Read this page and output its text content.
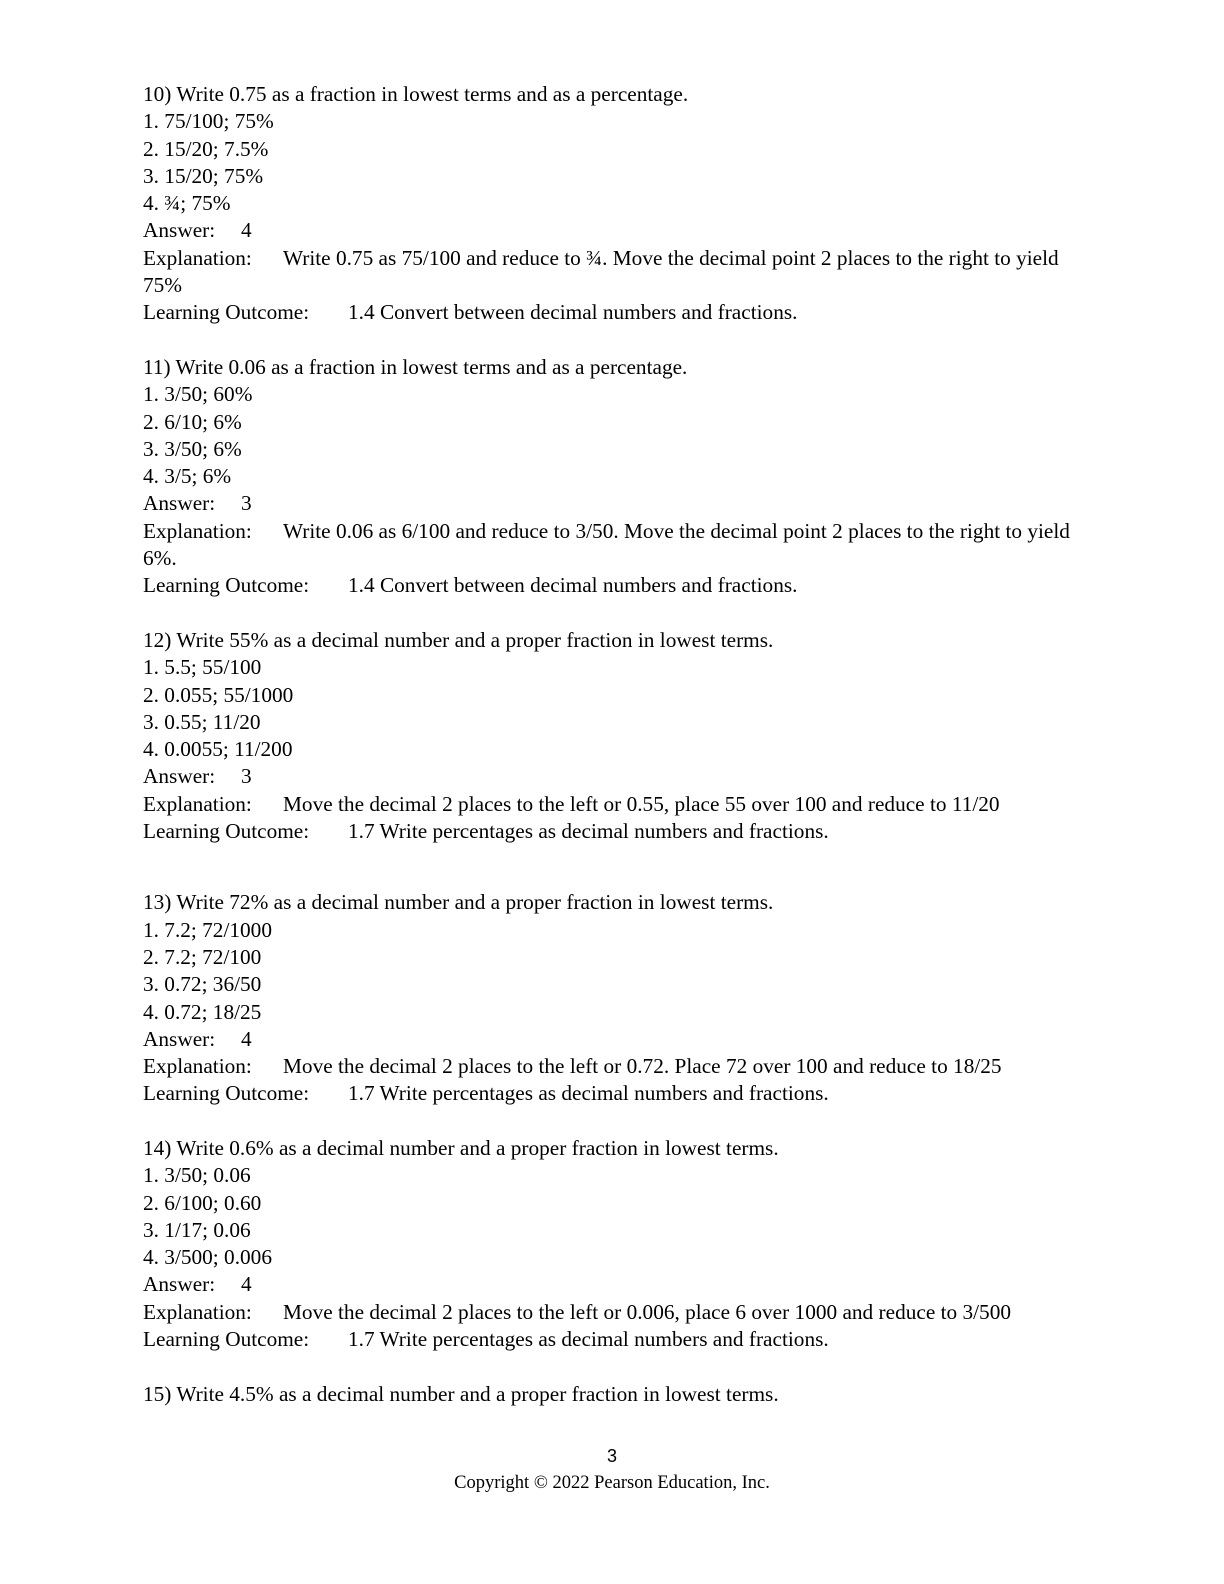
10) Write 0.75 as a fraction in lowest terms and as a percentage.

1. 75/100; 75%

2. 15/20; 7.5%

3. 15/20; 75%

4. ¾; 75%

Answer: 4

Explanation: Write 0.75 as 75/100 and reduce to ¾. Move the decimal point 2 places to the right to yield 75%

Learning Outcome: 1.4 Convert between decimal numbers and fractions.

11) Write 0.06 as a fraction in lowest terms and as a percentage.

1. 3/50; 60%

2. 6/10; 6%

3. 3/50; 6%

4. 3/5; 6%

Answer: 3

Explanation: Write 0.06 as 6/100 and reduce to 3/50. Move the decimal point 2 places to the right to yield 6%.

Learning Outcome: 1.4 Convert between decimal numbers and fractions.

12) Write 55% as a decimal number and a proper fraction in lowest terms.

1. 5.5; 55/100

2. 0.055; 55/1000

3. 0.55; 11/20

4. 0.0055; 11/200

Answer: 3

Explanation: Move the decimal 2 places to the left or 0.55, place 55 over 100 and reduce to 11/20

Learning Outcome: 1.7 Write percentages as decimal numbers and fractions.

13) Write 72% as a decimal number and a proper fraction in lowest terms.

1. 7.2; 72/1000

2. 7.2; 72/100

3. 0.72; 36/50

4. 0.72; 18/25

Answer: 4

Explanation: Move the decimal 2 places to the left or 0.72. Place 72 over 100 and reduce to 18/25

Learning Outcome: 1.7 Write percentages as decimal numbers and fractions.

14) Write 0.6% as a decimal number and a proper fraction in lowest terms.

1. 3/50; 0.06

2. 6/100; 0.60

3. 1/17; 0.06

4. 3/500; 0.006

Answer: 4

Explanation: Move the decimal 2 places to the left or 0.006, place 6 over 1000 and reduce to 3/500

Learning Outcome: 1.7 Write percentages as decimal numbers and fractions.

15) Write 4.5% as a decimal number and a proper fraction in lowest terms.

3
Copyright © 2022 Pearson Education, Inc.
